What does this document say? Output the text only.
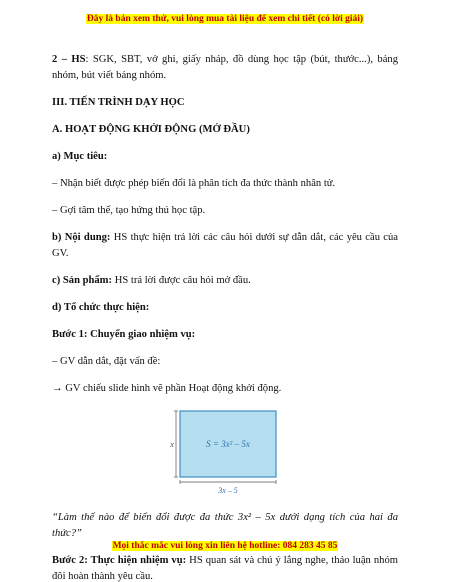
Đây là bản xem thử, vui lòng mua tài liệu để xem chi tiết (có lời giải)

2 – HS: SGK, SBT, vở ghi, giấy nháp, đồ dùng học tập (bút, thước...), bảng nhóm, bút viết bảng nhóm.

III. TIẾN TRÌNH DẠY HỌC

A. HOẠT ĐỘNG KHỞI ĐỘNG (MỞ ĐẦU)

a) Mục tiêu:

– Nhận biết được phép biến đổi là phân tích đa thức thành nhân tử.

– Gợi tâm thế, tạo hứng thú học tập.

b) Nội dung: HS thực hiện trả lời các câu hỏi dưới sự dẫn dắt, các yêu cầu của GV.

c) Sản phẩm: HS trả lời được câu hỏi mở đầu.

d) Tổ chức thực hiện:

Bước 1: Chuyển giao nhiệm vụ:

– GV dẫn dắt, đặt vấn đề:

→ GV chiếu slide hình vẽ phần Hoạt động khởi động.

x	S = 3x² – 5x
3x – 5

“Làm thế nào để biến đổi được đa thức 3x² – 5x dưới dạng tích của hai đa thức?”

Bước 2: Thực hiện nhiệm vụ: HS quan sát và chú ý lắng nghe, thảo luận nhóm đôi hoàn thành yêu cầu.

Mọi thắc mắc vui lòng xin liên hệ hotline: 084 283 45 85
